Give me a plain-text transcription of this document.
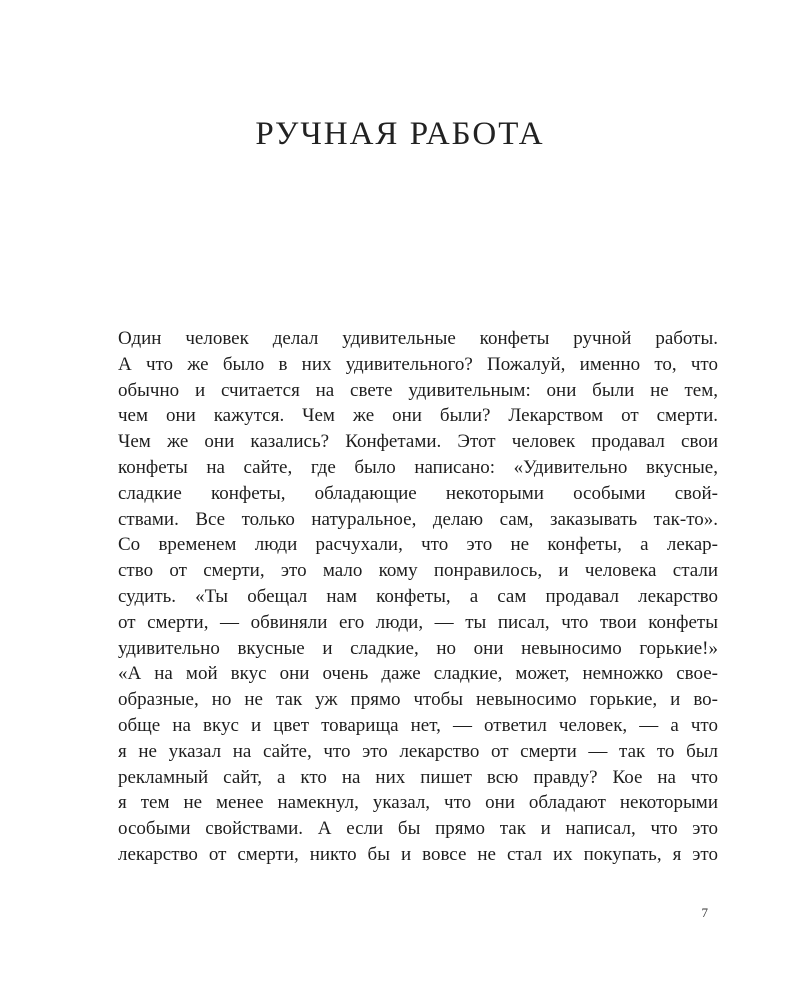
РУЧНАЯ РАБОТА
Один человек делал удивительные конфеты ручной работы.
А что же было в них удивительного? Пожалуй, именно то, что
обычно и считается на свете удивительным: они были не тем,
чем они кажутся. Чем же они были? Лекарством от смерти.
Чем же они казались? Конфетами. Этот человек продавал свои
конфеты на сайте, где было написано: «Удивительно вкусные,
сладкие конфеты, обладающие некоторыми особыми свой-
ствами. Все только натуральное, делаю сам, заказывать так-то».
Со временем люди расчухали, что это не конфеты, а лекар-
ство от смерти, это мало кому понравилось, и человека стали
судить. «Ты обещал нам конфеты, а сам продавал лекарство
от смерти, — обвиняли его люди, — ты писал, что твои конфеты
удивительно вкусные и сладкие, но они невыносимо горькие!»
«А на мой вкус они очень даже сладкие, может, немножко свое-
образные, но не так уж прямо чтобы невыносимо горькие, и во-
обще на вкус и цвет товарища нет, — ответил человек, — а что
я не указал на сайте, что это лекарство от смерти — так то был
рекламный сайт, а кто на них пишет всю правду? Кое на что
я тем не менее намекнул, указал, что они обладают некоторыми
особыми свойствами. А если бы прямо так и написал, что это
лекарство от смерти, никто бы и вовсе не стал их покупать, я это
7
